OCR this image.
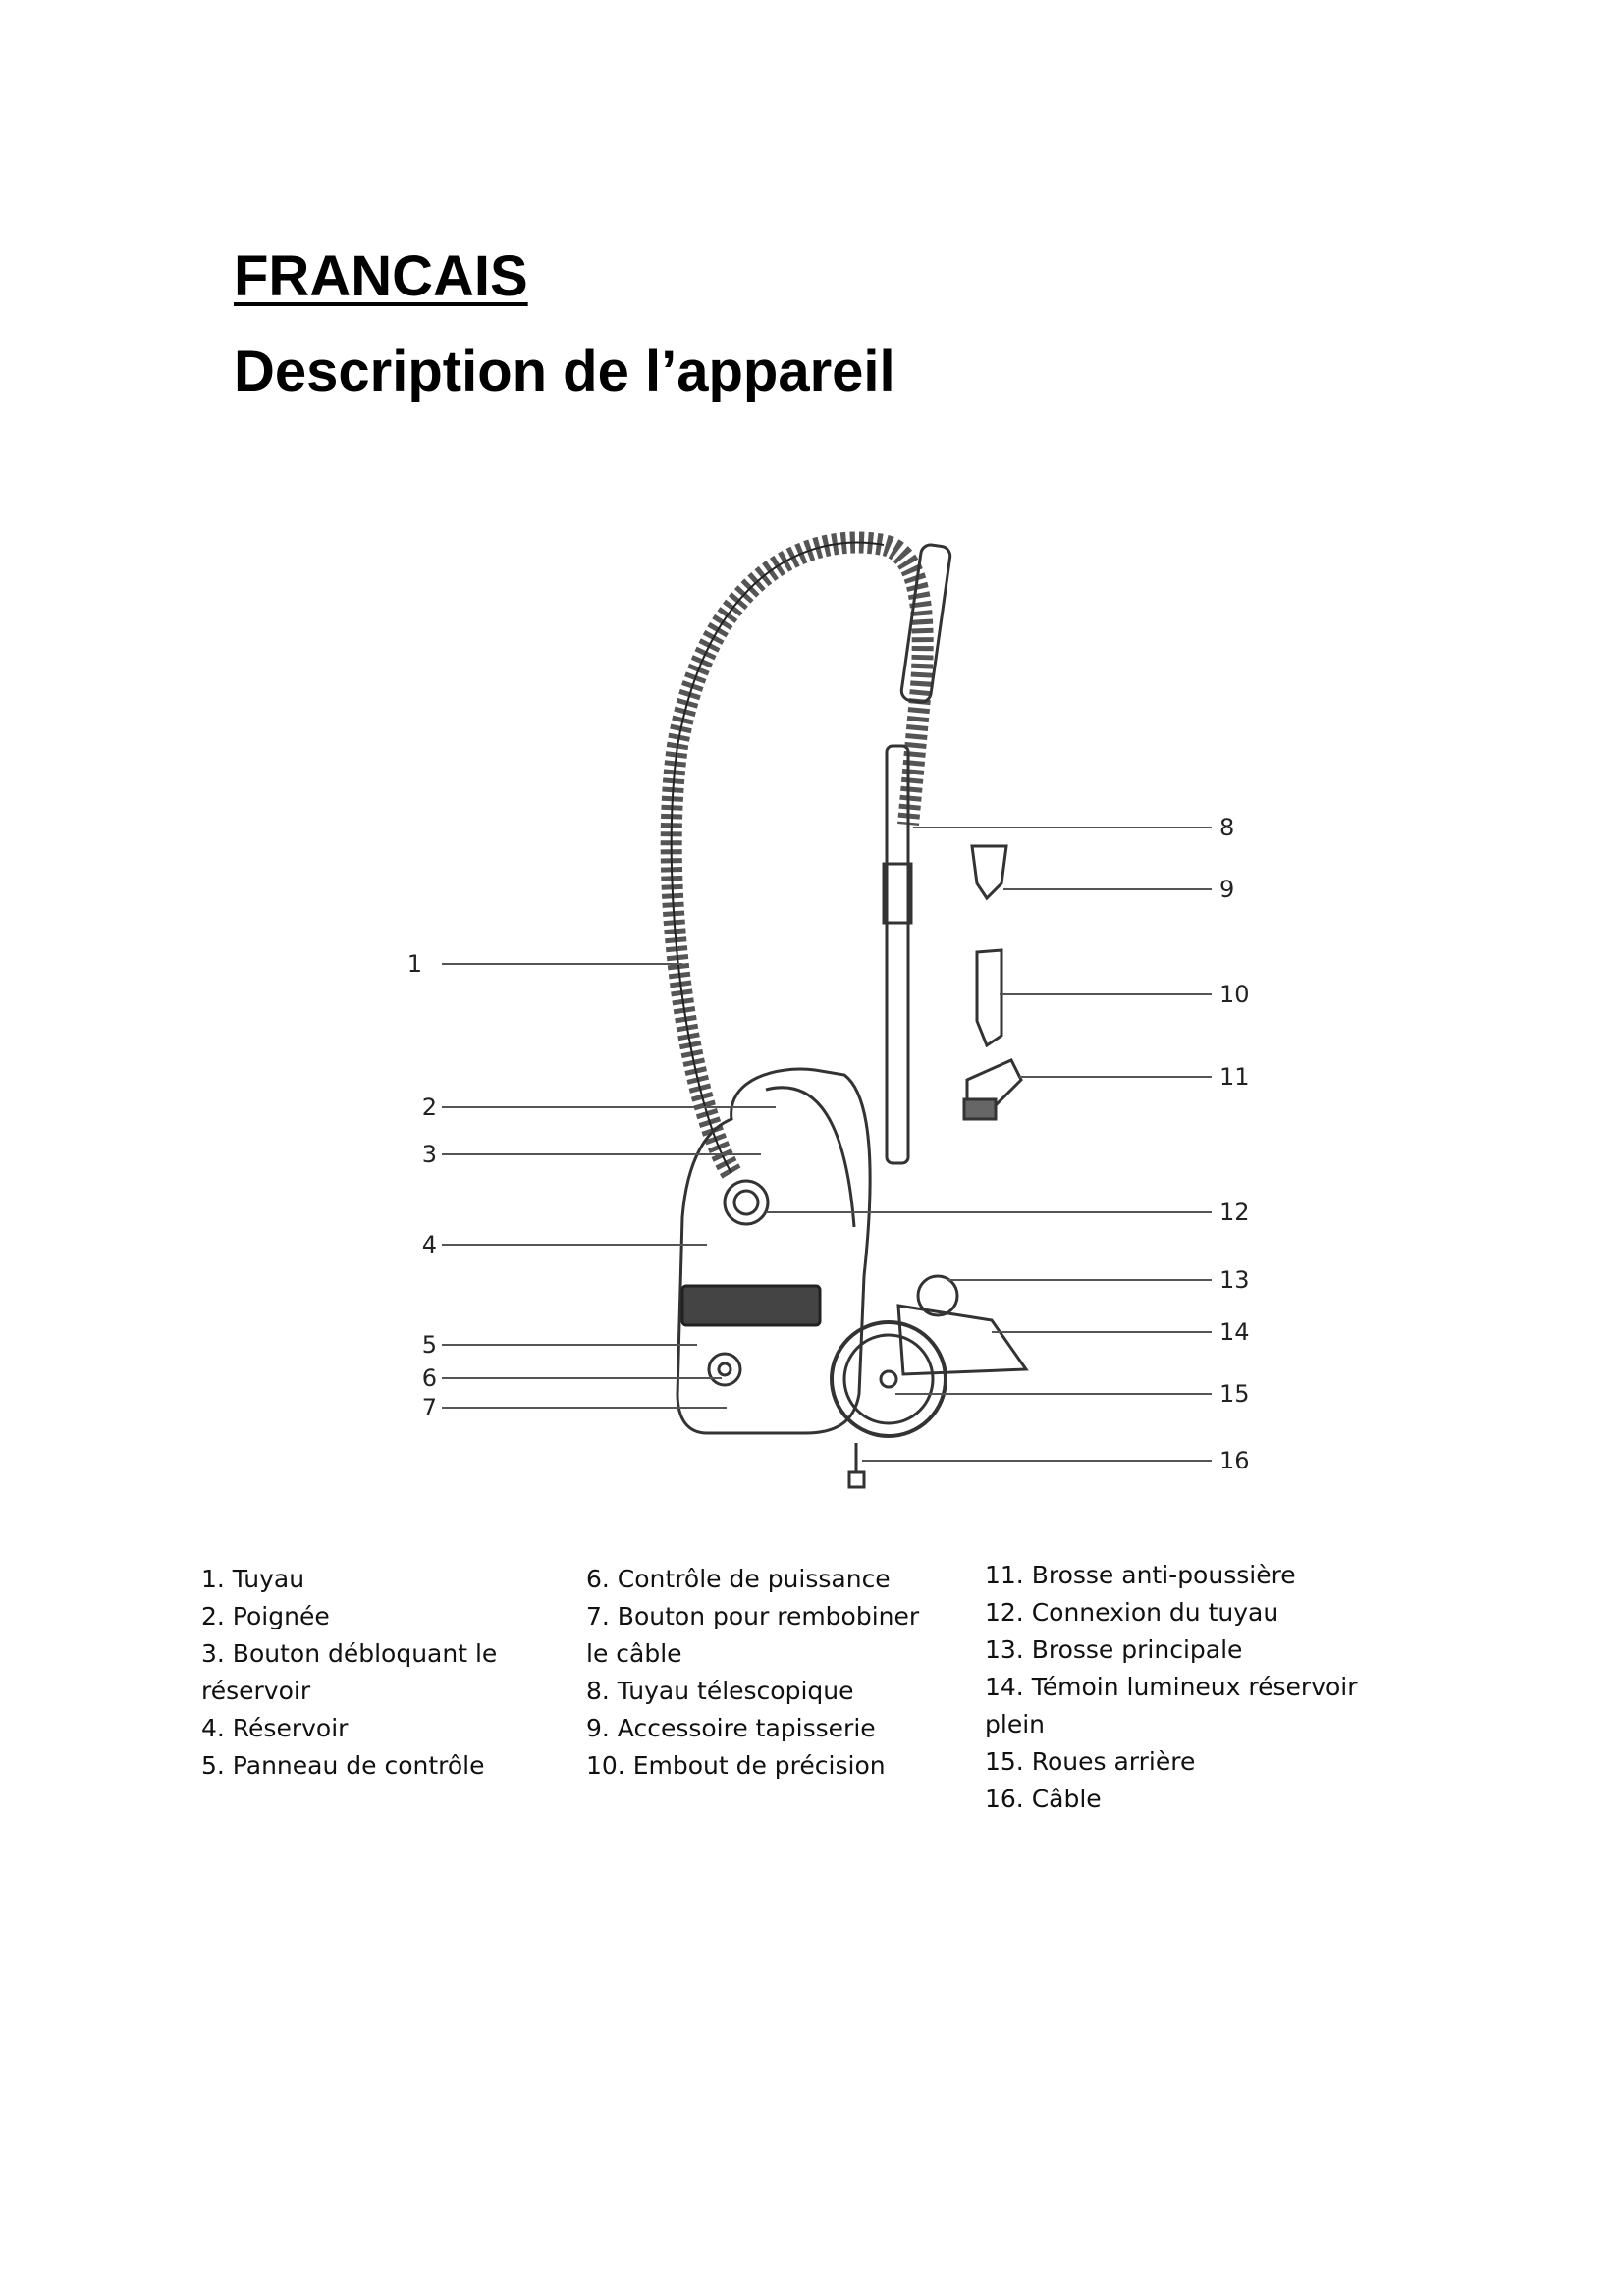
FRANCAIS
Description de l’appareil
1
2
3
4
5
6
7
8
9
10
11
12
13
14
15
16
1. Tuyau
2. Poignée
3. Bouton débloquant le réservoir
4. Réservoir
5. Panneau de contrôle
6. Contrôle de puissance
7. Bouton pour rembobiner le câble
8. Tuyau télescopique
9. Accessoire tapisserie
10. Embout de précision
11. Brosse anti-poussière
12. Connexion du tuyau
13. Brosse principale
14. Témoin lumineux réservoir plein
15. Roues arrière
16. Câble
